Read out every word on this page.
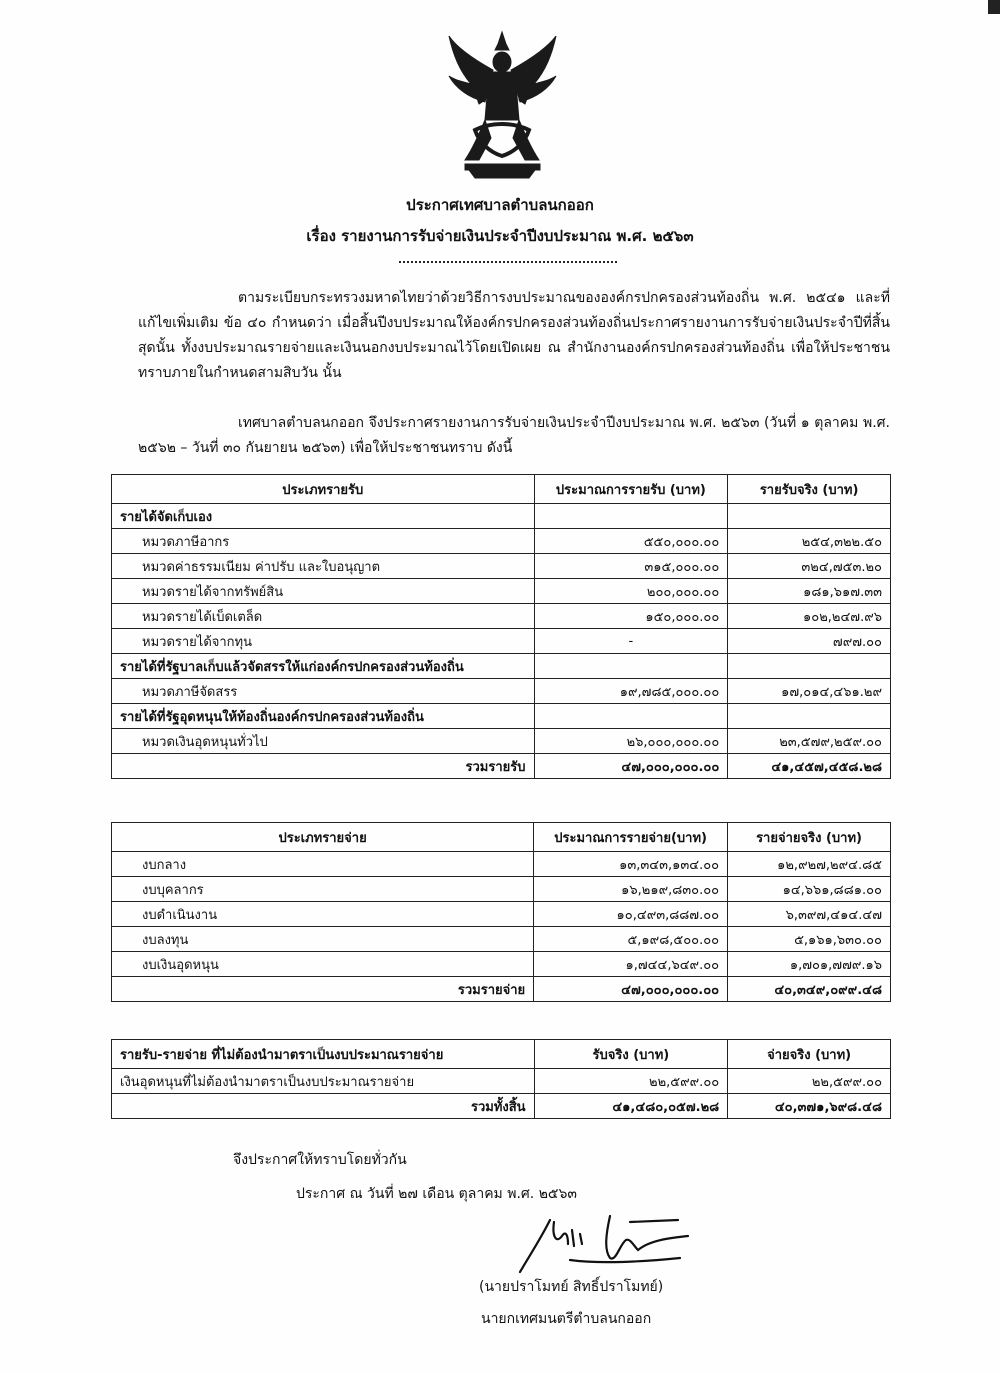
ประกาศเทศบาลตำบลนกออก
เรื่อง รายงานการรับจ่ายเงินประจำปีงบประมาณ พ.ศ. ๒๕๖๓
ตามระเบียบกระทรวงมหาดไทยว่าด้วยวิธีการงบประมาณขององค์กรปกครองส่วนท้องถิ่น พ.ศ. ๒๕๔๑ และที่แก้ไขเพิ่มเติม ข้อ ๔๐ กำหนดว่า เมื่อสิ้นปีงบประมาณให้องค์กรปกครองส่วนท้องถิ่นประกาศรายงานการรับจ่ายเงินประจำปีที่สิ้นสุดนั้น ทั้งงบประมาณรายจ่ายและเงินนอกงบประมาณไว้โดยเปิดเผย ณ สำนักงานองค์กรปกครองส่วนท้องถิ่น เพื่อให้ประชาชนทราบภายในกำหนดสามสิบวัน นั้น
เทศบาลตำบลนกออก จึงประกาศรายงานการรับจ่ายเงินประจำปีงบประมาณ พ.ศ. ๒๕๖๓ (วันที่ ๑ ตุลาคม พ.ศ. ๒๕๖๒ – วันที่ ๓๐ กันยายน ๒๕๖๓) เพื่อให้ประชาชนทราบ ดังนี้
ประเภทรายรับ	ประมาณการรายรับ (บาท)	รายรับจริง (บาท)
รายได้จัดเก็บเอง		
หมวดภาษีอากร	๕๕๐,๐๐๐.๐๐	๒๕๔,๓๒๒.๕๐
หมวดค่าธรรมเนียม ค่าปรับ และใบอนุญาต	๓๑๕,๐๐๐.๐๐	๓๒๔,๗๕๓.๒๐
หมวดรายได้จากทรัพย์สิน	๒๐๐,๐๐๐.๐๐	๑๘๑,๖๑๗.๓๓
หมวดรายได้เบ็ดเตล็ด	๑๕๐,๐๐๐.๐๐	๑๐๒,๒๔๗.๙๖
หมวดรายได้จากทุน	-	๗๙๗.๐๐
รายได้ที่รัฐบาลเก็บแล้วจัดสรรให้แก่องค์กรปกครองส่วนท้องถิ่น		
หมวดภาษีจัดสรร	๑๙,๗๘๕,๐๐๐.๐๐	๑๗,๐๑๔,๔๖๑.๒๙
รายได้ที่รัฐอุดหนุนให้ท้องถิ่นองค์กรปกครองส่วนท้องถิ่น		
หมวดเงินอุดหนุนทั่วไป	๒๖,๐๐๐,๐๐๐.๐๐	๒๓,๕๗๙,๒๕๙.๐๐
รวมรายรับ	๔๗,๐๐๐,๐๐๐.๐๐	๔๑,๔๕๗,๔๕๘.๒๘
ประเภทรายจ่าย	ประมาณการรายจ่าย(บาท)	รายจ่ายจริง (บาท)
งบกลาง	๑๓,๓๔๓,๑๓๔.๐๐	๑๒,๙๒๗,๒๙๔.๘๕
งบบุคลากร	๑๖,๒๑๙,๘๓๐.๐๐	๑๔,๖๖๑,๘๘๑.๐๐
งบดำเนินงาน	๑๐,๔๙๓,๘๘๗.๐๐	๖,๓๙๗,๔๑๔.๔๗
งบลงทุน	๕,๑๙๘,๕๐๐.๐๐	๕,๑๖๑,๖๓๐.๐๐
งบเงินอุดหนุน	๑,๗๔๔,๖๔๙.๐๐	๑,๗๐๑,๗๗๙.๑๖
รวมรายจ่าย	๔๗,๐๐๐,๐๐๐.๐๐	๔๐,๓๔๙,๐๙๙.๔๘
รายรับ-รายจ่าย ที่ไม่ต้องนำมาตราเป็นงบประมาณรายจ่าย	รับจริง (บาท)	จ่ายจริง (บาท)
เงินอุดหนุนที่ไม่ต้องนำมาตราเป็นงบประมาณรายจ่าย	๒๒,๕๙๙.๐๐	๒๒,๕๙๙.๐๐
รวมทั้งสิ้น	๔๑,๔๘๐,๐๕๗.๒๘	๔๐,๓๗๑,๖๙๘.๔๘
จึงประกาศให้ทราบโดยทั่วกัน
ประกาศ ณ วันที่ ๒๗ เดือน ตุลาคม พ.ศ. ๒๕๖๓
(นายปราโมทย์ สิทธิ์ปราโมทย์)
นายกเทศมนตรีตำบลนกออก
